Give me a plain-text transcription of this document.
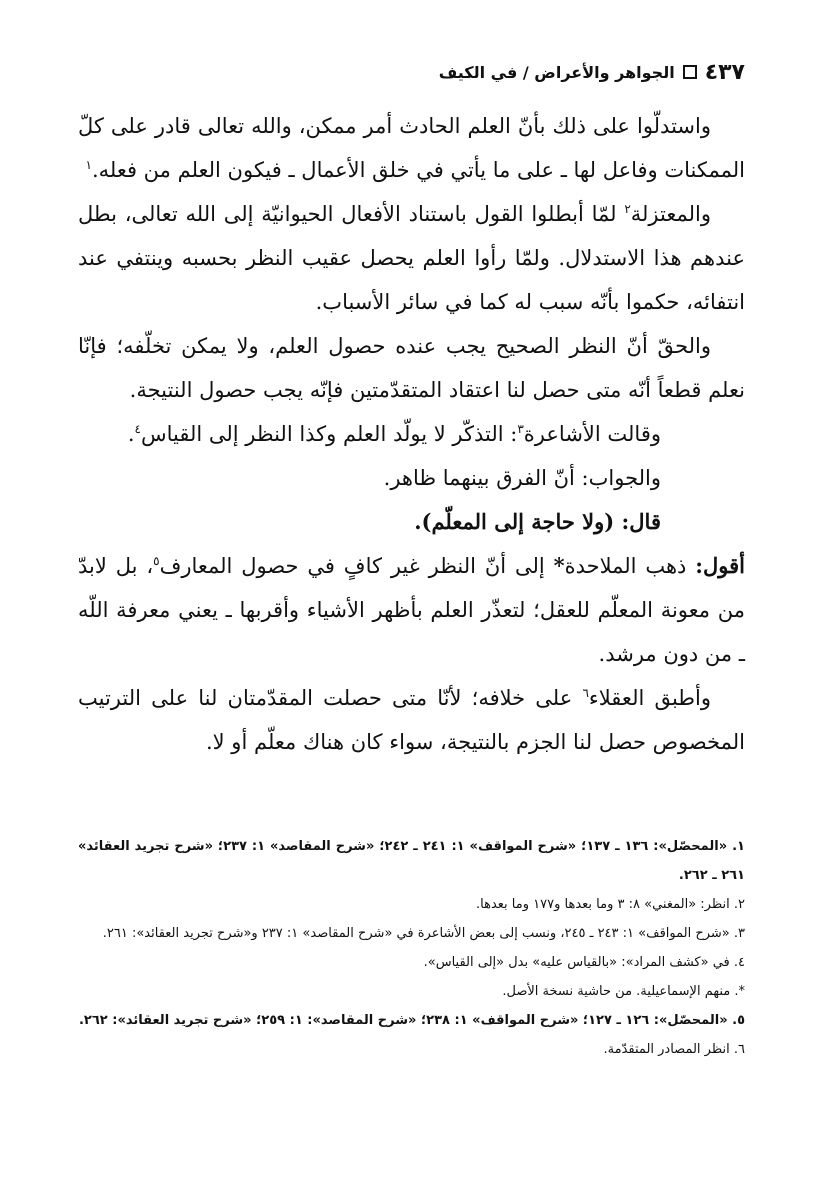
٤٣٧
الجواهر والأعراض / في الكيف

واستدلّوا على ذلك بأنّ العلم الحادث أمر ممكن، والله تعالى قادر على كلّ الممكنات وفاعل لها ـ على ما يأتي في خلق الأعمال ـ فيكون العلم من فعله.$^١$

والمعتزلة$^٢$ لمّا أبطلوا القول باستناد الأفعال الحيوانيّة إلى الله تعالى، بطل عندهم هذا الاستدلال. ولمّا رأوا العلم يحصل عقيب النظر بحسبه وينتفي عند انتفائه، حكموا بأنّه سبب له كما في سائر الأسباب.

والحقّ أنّ النظر الصحيح يجب عنده حصول العلم، ولا يمكن تخلّفه؛ فإنّا نعلم قطعاً أنّه متى حصل لنا اعتقاد المتقدّمتين فإنّه يجب حصول النتيجة.

وقالت الأشاعرة$^٣$: التذكّر لا يولّد العلم وكذا النظر إلى القياس$^٤$.

والجواب: أنّ الفرق بينهما ظاهر.

قال: (ولا حاجة إلى المعلّم).

أقول: ذهب الملاحدة* إلى أنّ النظر غير كافٍ في حصول المعارف$^٥$، بل لابدّ من معونة المعلّم للعقل؛ لتعذّر العلم بأظهر الأشياء وأقربها ـ يعني معرفة اللّه ـ من دون مرشد.

وأطبق العقلاء$^٦$ على خلافه؛ لأنّا متى حصلت المقدّمتان لنا على الترتيب المخصوص حصل لنا الجزم بالنتيجة، سواء كان هناك معلّم أو لا.

١. «المحصّل»: ١٣٦ ـ ١٣٧؛ «شرح المواقف» ١: ٢٤١ ـ ٢٤٢؛ «شرح المقاصد» ١: ٢٣٧؛ «شرح تجريد العقائد» ٢٦١ ـ ٢٦٢.

٢. انظر: «المغني» ٨: ٣ وما بعدها و١٧٧ وما بعدها.

٣. «شرح المواقف» ١: ٢٤٣ ـ ٢٤٥، ونسب إلى بعض الأشاعرة في «شرح المقاصد» ١: ٢٣٧ و«شرح تجريد العقائد»: ٢٦١.

٤. في «كشف المراد»: «بالقياس عليه» بدل «إلى القياس».

*. منهم الإسماعيلية. من حاشية نسخة الأصل.

٥. «المحصّل»: ١٢٦ ـ ١٢٧؛ «شرح المواقف» ١: ٢٣٨؛ «شرح المقاصد»: ١: ٢٥٩؛ «شرح تجريد العقائد»: ٢٦٢.

٦. انظر المصادر المتقدّمة.
